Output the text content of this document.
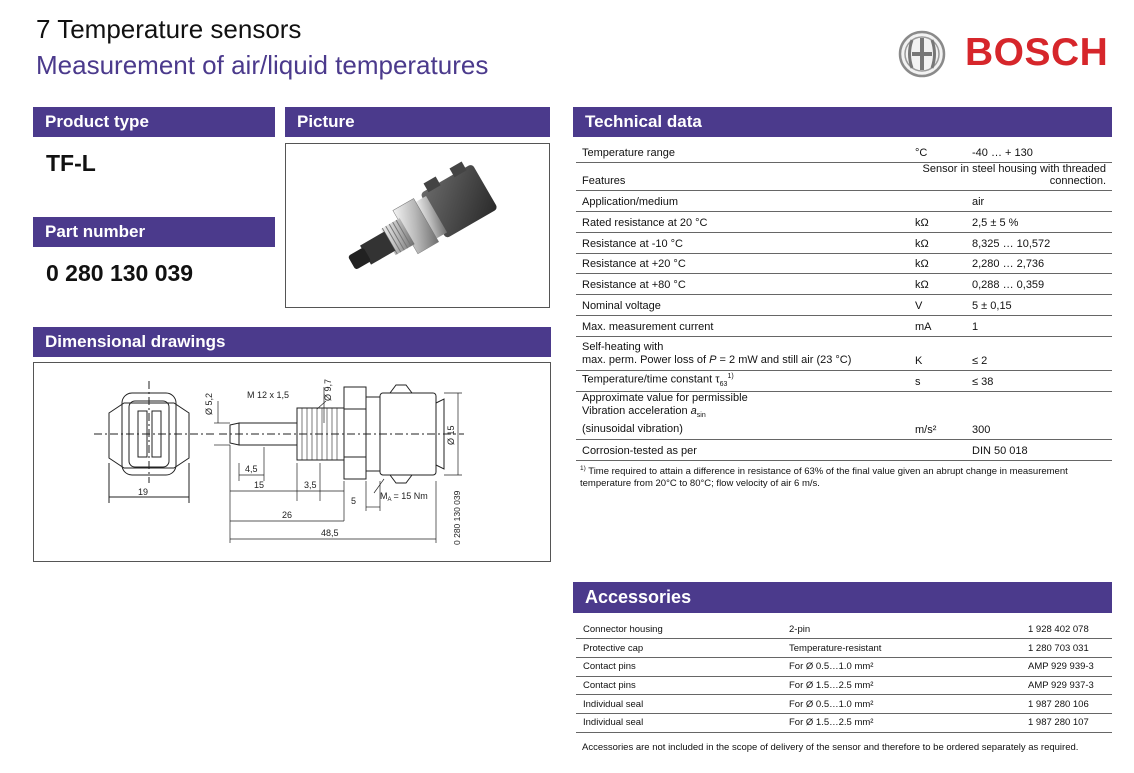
7 Temperature sensors
Measurement of air/liquid temperatures	BOSCH
Product type
TF-L
Part number
0 280 130 039
Picture
Dimensional drawings
19
Ø 5,2	M 12 x 1,5	Ø 9,7
Ø 15
$M_A = 15$ Nm
4,5
15	3,5
5
26
48,5	0 280 130 039
Technical data
Temperature range	°C	-40 … + 130
Features	Sensor in steel housing with threaded connection.	
Application/medium		air
Rated resistance at 20 °C	kΩ	2,5 ± 5 %
Resistance at -10 °C	kΩ	8,325 … 10,572
Resistance at +20 °C	kΩ	2,280 … 2,736
Resistance at +80 °C	kΩ	0,288 … 0,359
Nominal voltage	V	5 ± 0,15
Max. measurement current	mA	1
Self-heating with
max. perm. Power loss of P = 2 mW and still air (23 °C)	K	≤ 2
Temperature/time constant $\tau_{63}^{1)}$	s	≤ 38
Approximate value for permissible
Vibration acceleration $a_{sin}$
(sinusoidal vibration)	m/s²	300
Corrosion-tested as per		DIN 50 018
$^{1)}$ Time required to attain a difference in resistance of 63% of the final value given an abrupt change in measurement temperature from 20°C to 80°C; flow velocity of air 6 m/s.
Accessories
Connector housing	2-pin	1 928 402 078
Protective cap	Temperature-resistant	1 280 703 031
Contact pins	For Ø 0.5…1.0 mm²	AMP 929 939-3
Contact pins	For Ø 1.5…2.5 mm²	AMP 929 937-3
Individual seal	For Ø 0.5…1.0 mm²	1 987 280 106
Individual seal	For Ø 1.5…2.5 mm²	1 987 280 107
Accessories are not included in the scope of delivery of the sensor and therefore to be ordered separately as required.
